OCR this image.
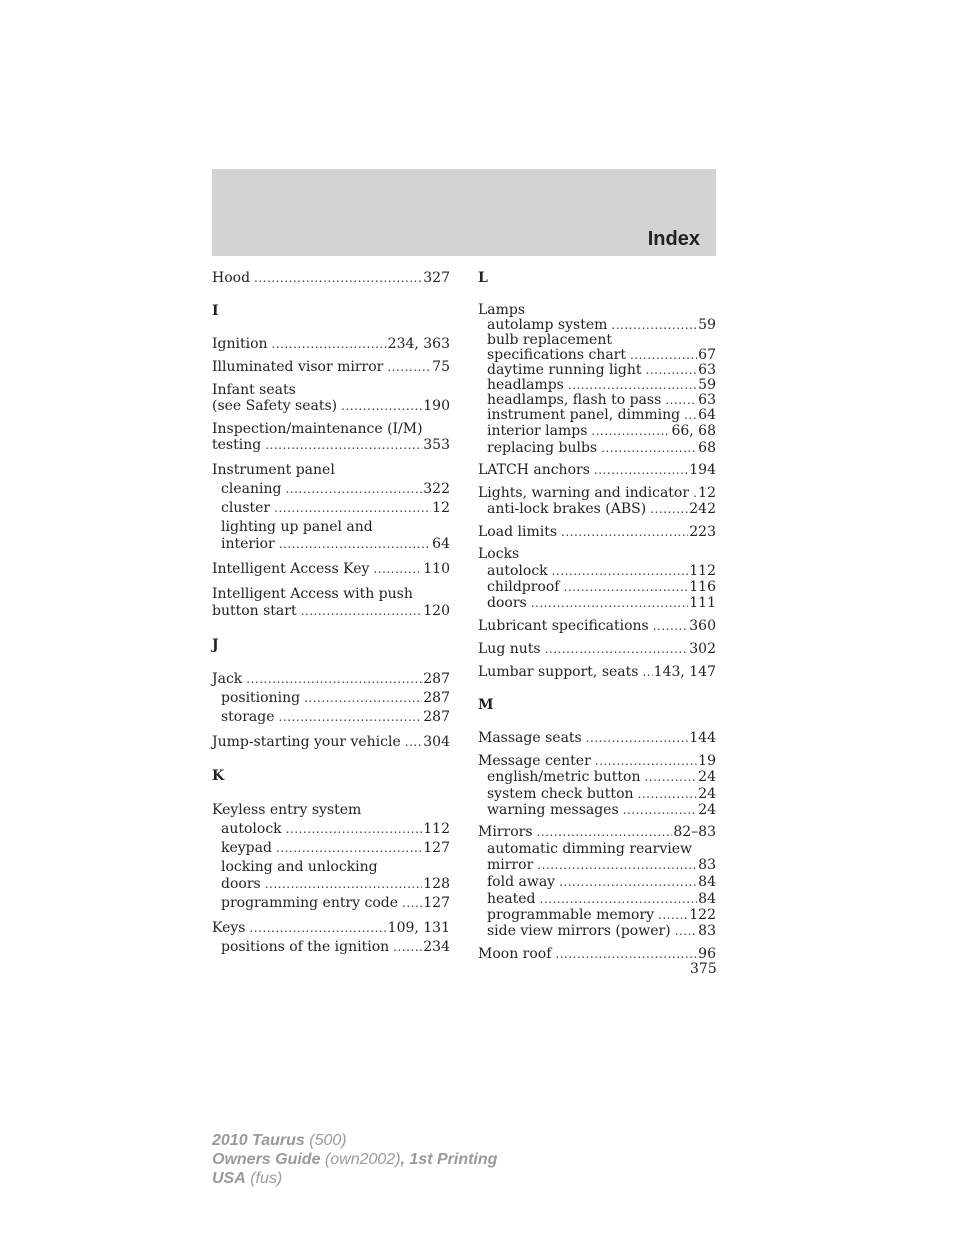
Index
Hood .....	327
I
Ignition .....	234, 363
Illuminated visor mirror .....	75
Infant seats
(see Safety seats) .....	190
Inspection/maintenance (I/M)
testing .....	353
Instrument panel
cleaning .....	322
cluster .....	12
lighting up panel and
interior .....	64
Intelligent Access Key .....	110
Intelligent Access with push
button start .....	120
J
Jack .....	287
positioning .....	287
storage .....	287
Jump-starting your vehicle ..... 304
K
Keyless entry system
autolock .....	112
keypad .....	127
locking and unlocking
doors .....	128
programming entry code ..... 127
Keys .....	109, 131
positions of the ignition ..... 234
L
Lamps
autolamp system .....	59
bulb replacement
specifications chart .....	67
daytime running light .....	63
headlamps .....	59
headlamps, flash to pass .....	63
instrument panel, dimming ..... 64
interior lamps .....	66, 68
replacing bulbs .....	68
LATCH anchors .....	194
Lights, warning and indicator ..... 12
anti-lock brakes (ABS) .....	242
Load limits .....	223
Locks
autolock .....	112
childproof .....	116
doors .....	111
Lubricant specifications .....	360
Lug nuts .....	302
Lumbar support, seats ..... 143, 147
M
Massage seats .....	144
Message center .....	19
english/metric button .....	24
system check button .....	24
warning messages .....	24
Mirrors .....	82–83
automatic dimming rearview
mirror .....	83
fold away .....	84
heated .....	84
programmable memory .....	122
side view mirrors (power) ..... 83
Moon roof .....	96
375
2010 Taurus (500)
Owners Guide (own2002), 1st Printing
USA (fus)
